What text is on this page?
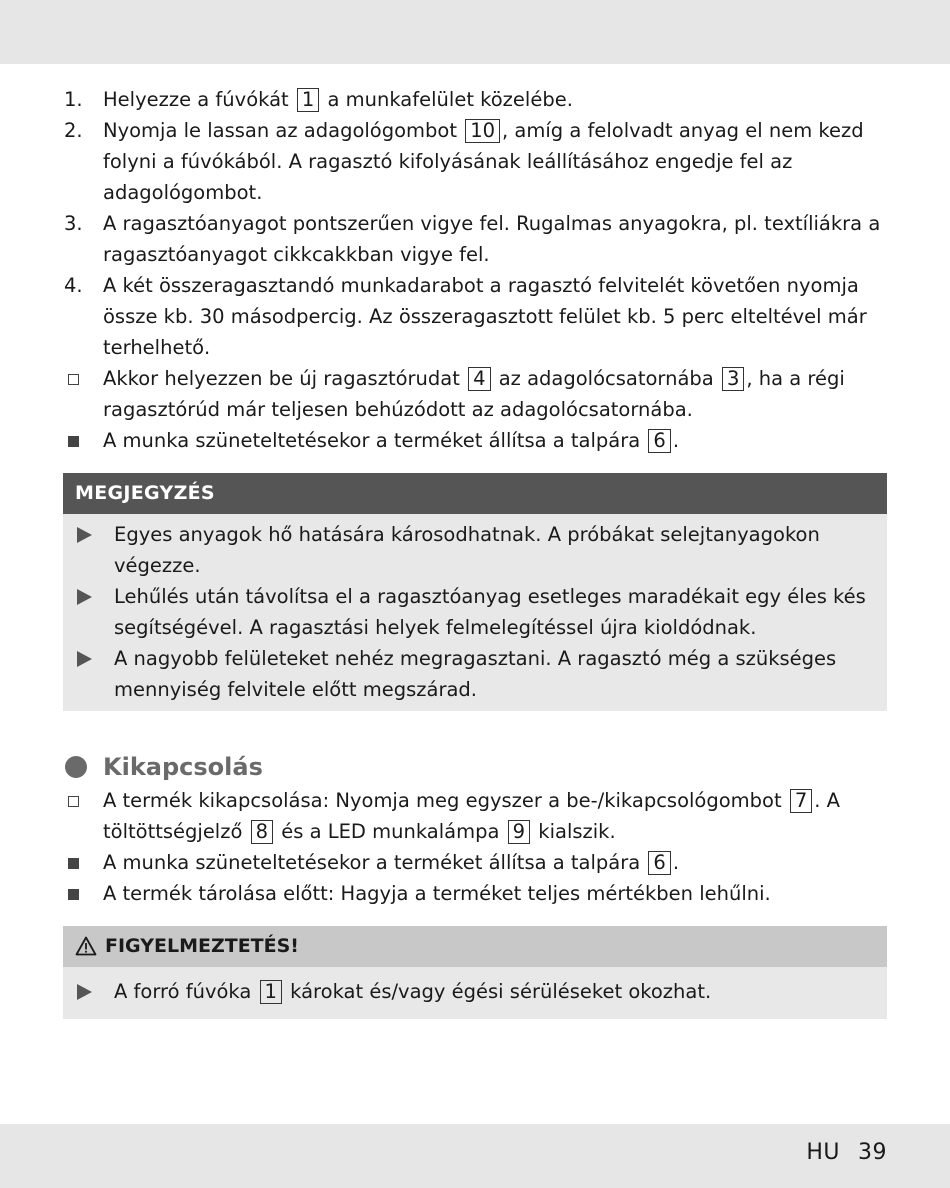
1.	Helyezze a fúvókát 1 a munkafelület közelébe.
2.	Nyomja le lassan az adagológombot 10 , amíg a felolvadt anyag el nem kezd folyni a fúvókából. A ragasztó kifolyásának leállításához engedje fel az adagológombot.
3.	A ragasztóanyagot pontszerűen vigye fel. Rugalmas anyagokra, pl. textíliákra a ragasztóanyagot cikkcakkban vigye fel.
4.	A két összeragasztandó munkadarabot a ragasztó felvitelét követően nyomja össze kb. 30 másodpercig. Az összeragasztott felület kb. 5 perc elteltével már terhelhető.
Akkor helyezzen be új ragasztórudat 4 az adagolócsatornába 3 , ha a régi ragasztórúd már teljesen behúzódott az adagolócsatornába.
A munka szüneteltetésekor a terméket állítsa a talpára 6 .
MEGJEGYZÉS
Egyes anyagok hő hatására károsodhatnak. A próbákat selejtanyagokon végezze.
Lehűlés után távolítsa el a ragasztóanyag esetleges maradékait egy éles kés segítségével. A ragasztási helyek felmelegítéssel újra kioldódnak.
A nagyobb felületeket nehéz megragasztani. A ragasztó még a szükséges mennyiség felvitele előtt megszárad.
Kikapcsolás
A termék kikapcsolása: Nyomja meg egyszer a be-/kikapcsológombot 7 . A töltöttségjelző 8 és a LED munkalámpa 9 kialszik.
A munka szüneteltetésekor a terméket állítsa a talpára 6 .
A termék tárolása előtt: Hagyja a terméket teljes mértékben lehűlni.
FIGYELMEZTETÉS!
A forró fúvóka 1 károkat és/vagy égési sérüléseket okozhat.
HU 39
